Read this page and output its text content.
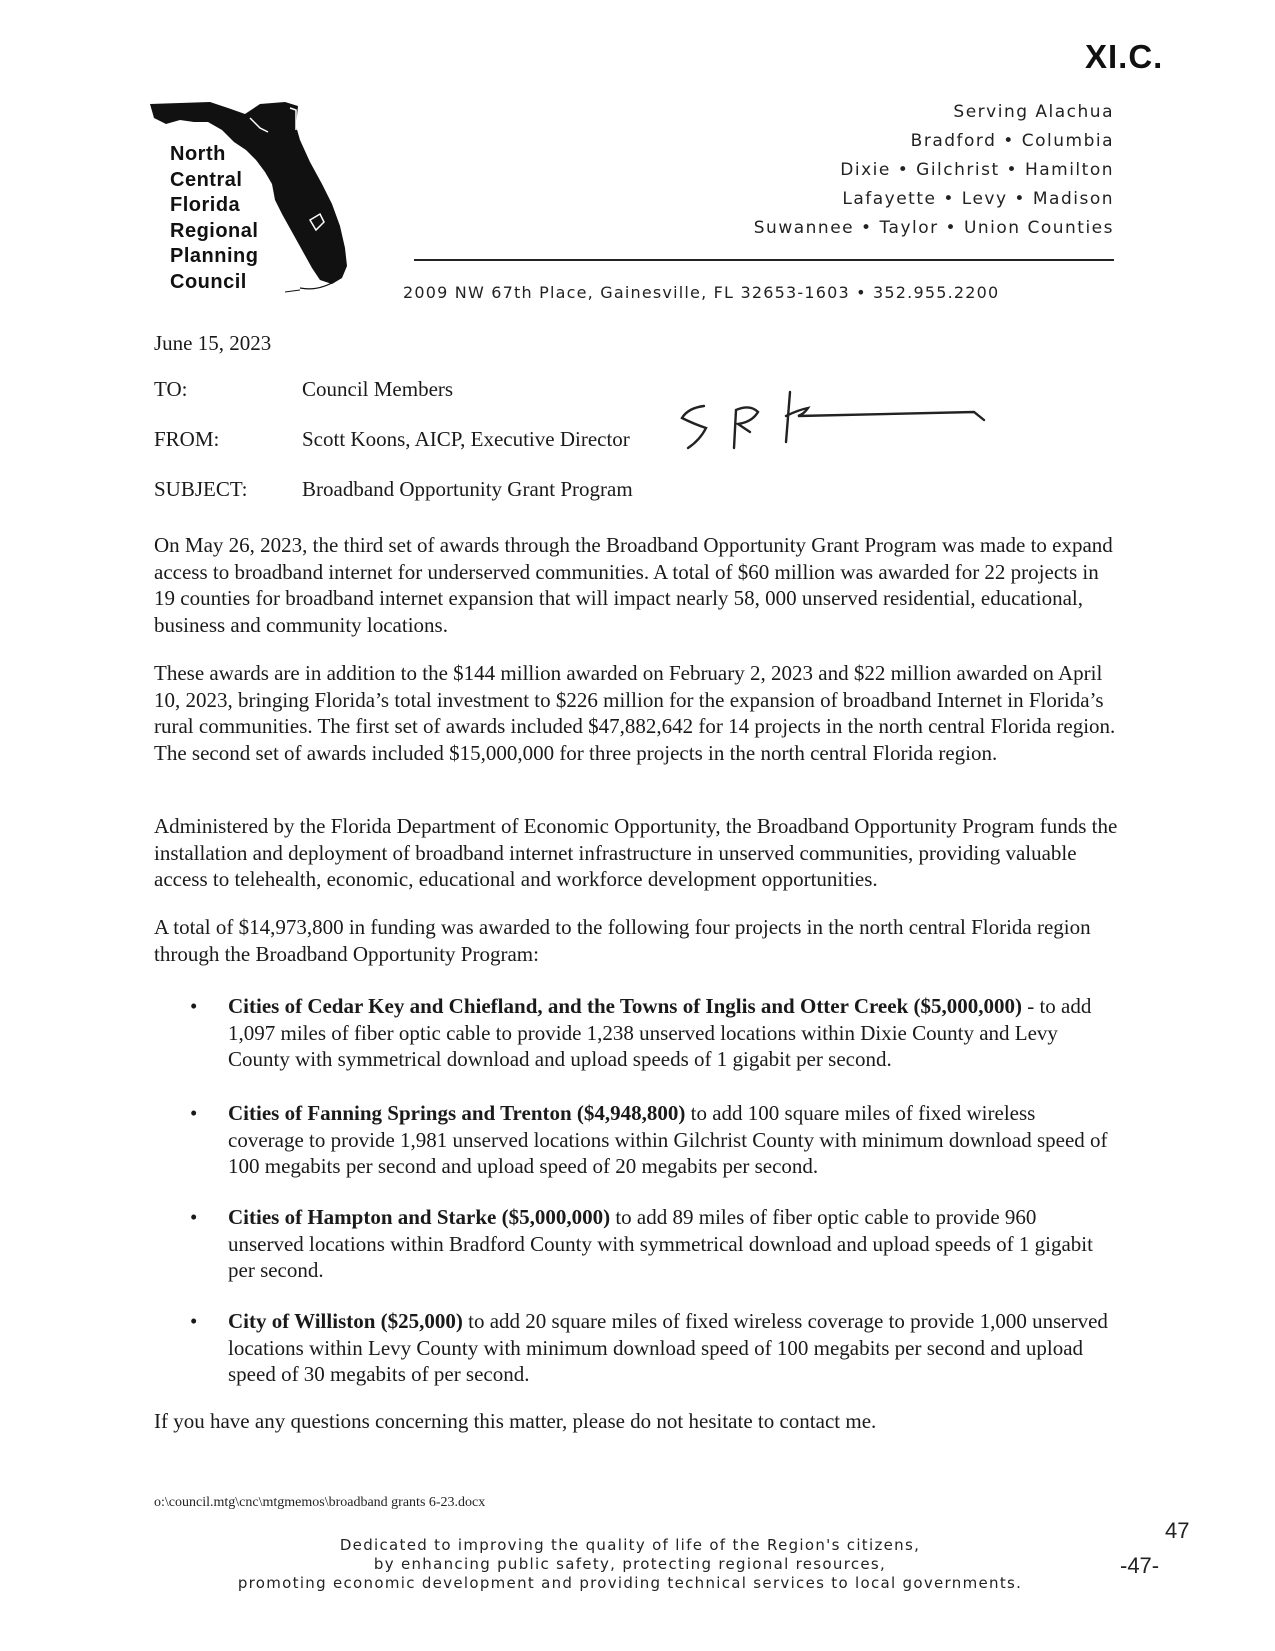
XI.C.
North
Central
Florida
Regional
Planning
Council
Serving Alachua
Bradford • Columbia
Dixie • Gilchrist • Hamilton
Lafayette • Levy • Madison
Suwannee • Taylor • Union Counties
2009 NW 67th Place, Gainesville, FL 32653-1603 • 352.955.2200
June 15, 2023
TO:	Council Members
FROM:	Scott Koons, AICP, Executive Director
SUBJECT:	Broadband Opportunity Grant Program
On May 26, 2023, the third set of awards through the Broadband Opportunity Grant Program was made to expand access to broadband internet for underserved communities. A total of $60 million was awarded for 22 projects in 19 counties for broadband internet expansion that will impact nearly 58, 000 unserved residential, educational, business and community locations.
These awards are in addition to the $144 million awarded on February 2, 2023 and $22 million awarded on April 10, 2023, bringing Florida’s total investment to $226 million for the expansion of broadband Internet in Florida’s rural communities. The first set of awards included $47,882,642 for 14 projects in the north central Florida region. The second set of awards included $15,000,000 for three projects in the north central Florida region.
Administered by the Florida Department of Economic Opportunity, the Broadband Opportunity Program funds the installation and deployment of broadband internet infrastructure in unserved communities, providing valuable access to telehealth, economic, educational and workforce development opportunities.
A total of $14,973,800 in funding was awarded to the following four projects in the north central Florida region through the Broadband Opportunity Program:
• Cities of Cedar Key and Chiefland, and the Towns of Inglis and Otter Creek ($5,000,000) - to add 1,097 miles of fiber optic cable to provide 1,238 unserved locations within Dixie County and Levy County with symmetrical download and upload speeds of 1 gigabit per second.
• Cities of Fanning Springs and Trenton ($4,948,800) to add 100 square miles of fixed wireless coverage to provide 1,981 unserved locations within Gilchrist County with minimum download speed of 100 megabits per second and upload speed of 20 megabits per second.
• Cities of Hampton and Starke ($5,000,000) to add 89 miles of fiber optic cable to provide 960 unserved locations within Bradford County with symmetrical download and upload speeds of 1 gigabit per second.
• City of Williston ($25,000) to add 20 square miles of fixed wireless coverage to provide 1,000 unserved locations within Levy County with minimum download speed of 100 megabits per second and upload speed of 30 megabits of per second.
If you have any questions concerning this matter, please do not hesitate to contact me.
o:\council.mtg\cnc\mtgmemos\broadband grants 6-23.docx
Dedicated to improving the quality of life of the Region's citizens,
by enhancing public safety, protecting regional resources,
promoting economic development and providing technical services to local governments.
47
-47-
